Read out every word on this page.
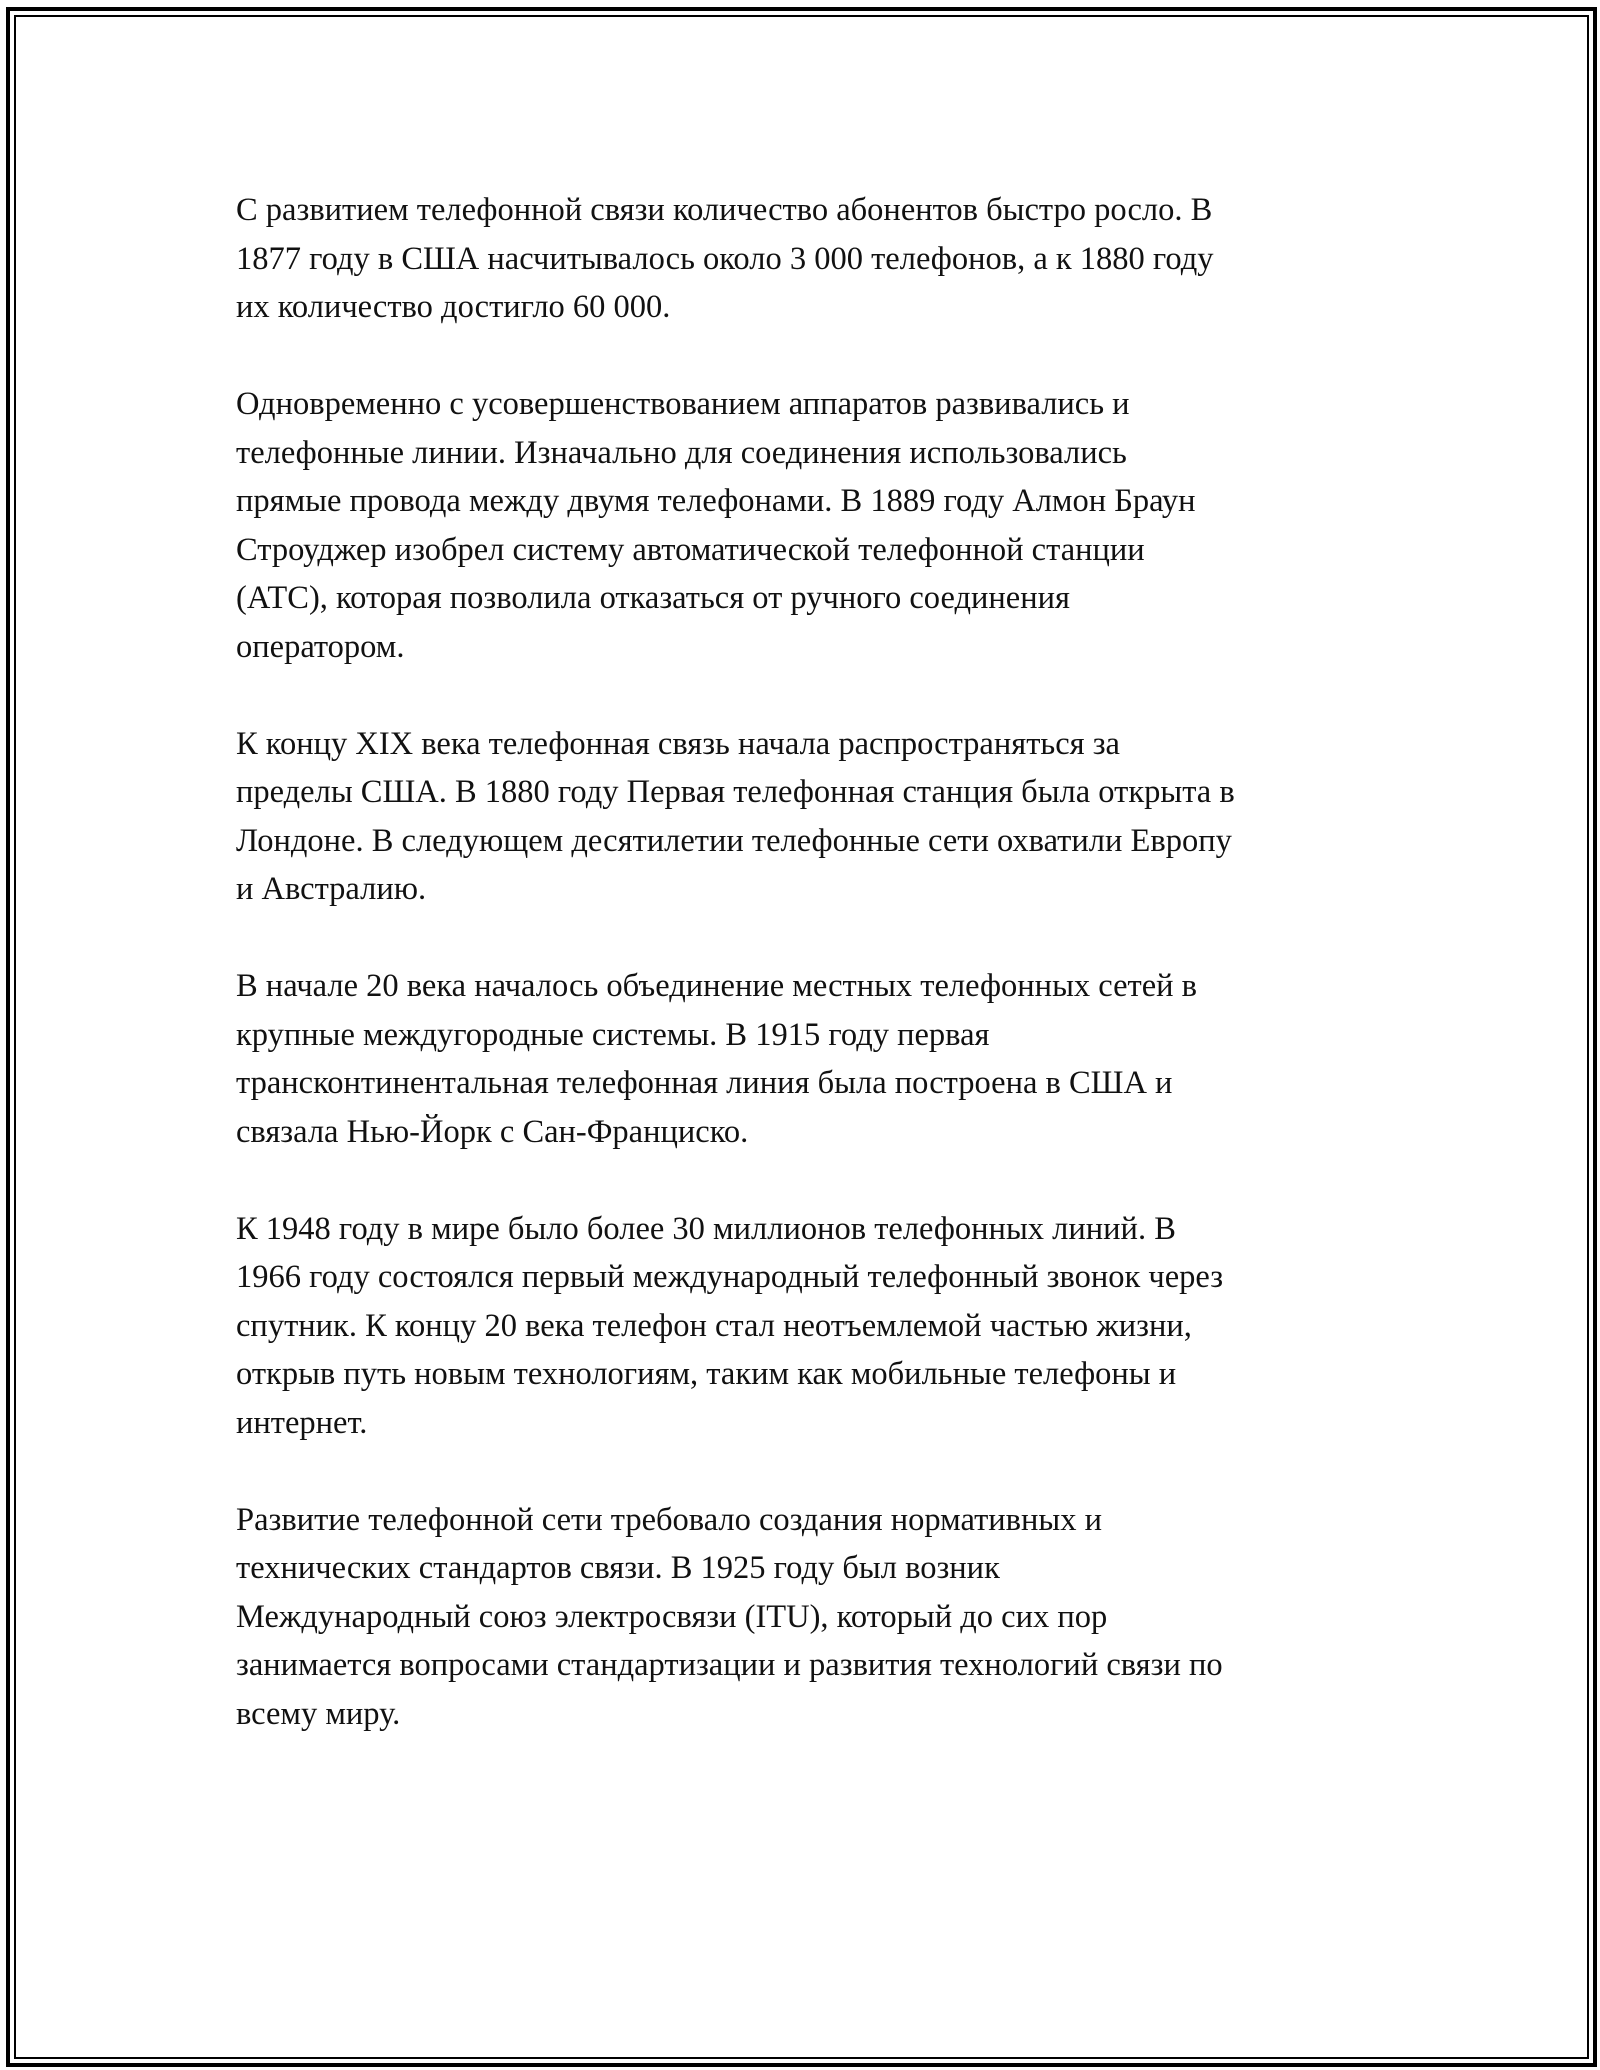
С развитием телефонной связи количество абонентов быстро росло. В
1877 году в США насчитывалось около 3 000 телефонов, а к 1880 году
их количество достигло 60 000.

Одновременно с усовершенствованием аппаратов развивались и
телефонные линии. Изначально для соединения использовались
прямые провода между двумя телефонами. В 1889 году Алмон Браун
Строуджер изобрел систему автоматической телефонной станции
(АТС), которая позволила отказаться от ручного соединения
оператором.

К концу XIX века телефонная связь начала распространяться за
пределы США. В 1880 году Первая телефонная станция была открыта в
Лондоне. В следующем десятилетии телефонные сети охватили Европу
и Австралию.

В начале 20 века началось объединение местных телефонных сетей в
крупные междугородные системы. В 1915 году первая
трансконтинентальная телефонная линия была построена в США и
связала Нью-Йорк с Сан-Франциско.

К 1948 году в мире было более 30 миллионов телефонных линий. В
1966 году состоялся первый международный телефонный звонок через
спутник. К концу 20 века телефон стал неотъемлемой частью жизни,
открыв путь новым технологиям, таким как мобильные телефоны и
интернет.

Развитие телефонной сети требовало создания нормативных и
технических стандартов связи. В 1925 году был возник
Международный союз электросвязи (ITU), который до сих пор
занимается вопросами стандартизации и развития технологий связи по
всему миру.
